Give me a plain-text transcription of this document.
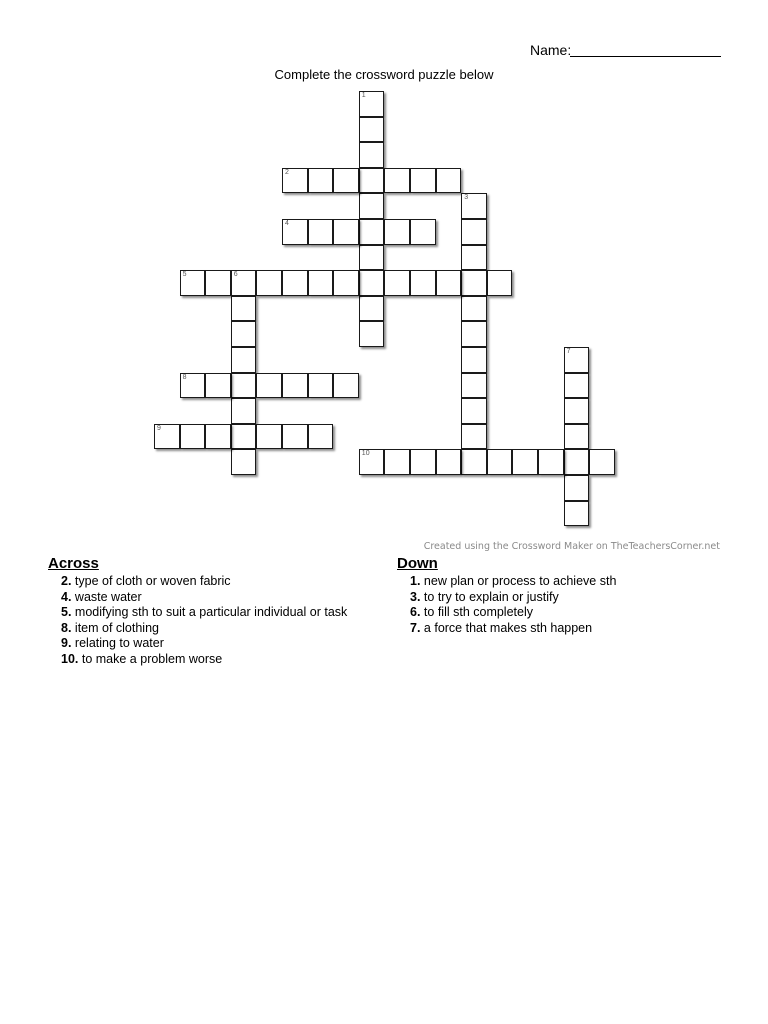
Name:
Complete the crossword puzzle below
1
2
3
4
5	6
7
8
9
10
Created using the Crossword Maker on TheTeachersCorner.net
Across
2. type of cloth or woven fabric
4. waste water
5. modifying sth to suit a particular individual or task
8. item of clothing
9. relating to water
10. to make a problem worse
Down
1. new plan or process to achieve sth
3. to try to explain or justify
6. to fill sth completely
7. a force that makes sth happen
